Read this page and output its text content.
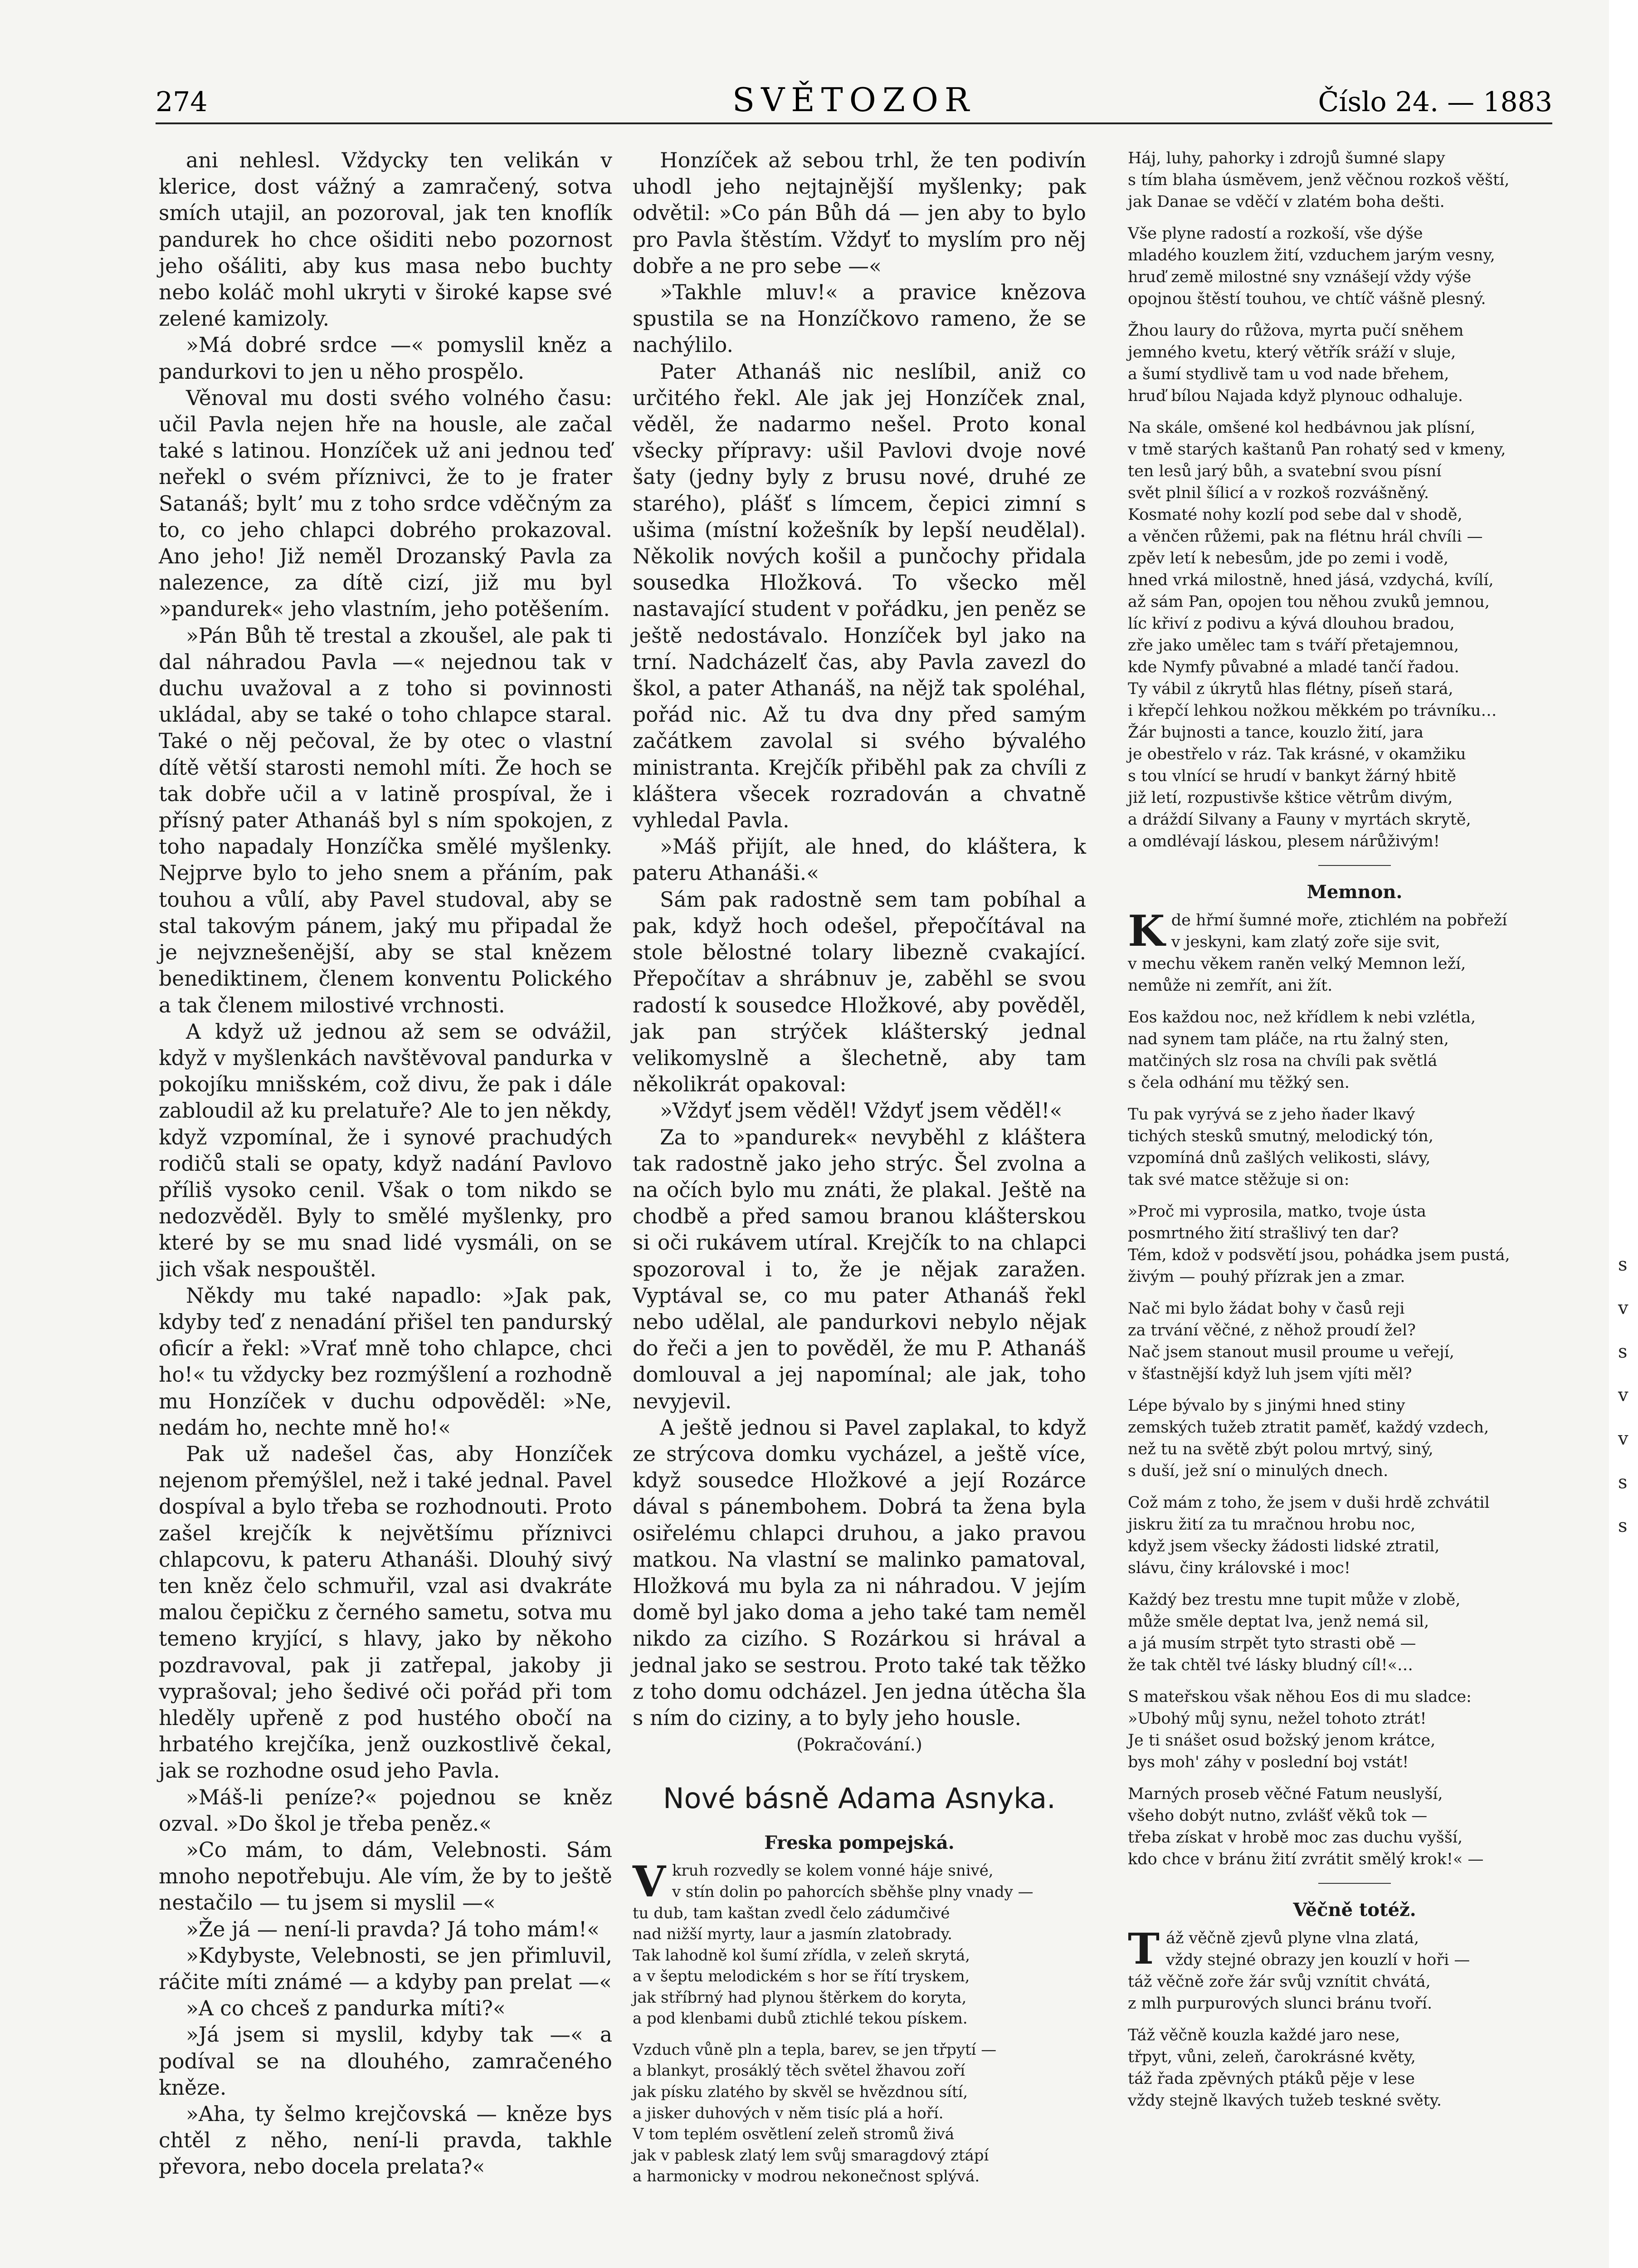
274	SVĚTOZOR	Číslo 24. — 1883

ani nehlesl. Vždycky ten velikán v klerice, dost vážný a zamračený, sotva smích utajil, an pozoroval, jak ten knoflík pandurek ho chce ošiditi nebo pozornost jeho ošáliti, aby kus masa nebo buchty nebo koláč mohl ukryti v široké kapse své zelené kamizoly.

»Má dobré srdce —« pomyslil kněz a pandurkovi to jen u něho prospělo.

Věnoval mu dosti svého volného času: učil Pavla nejen hře na housle, ale začal také s latinou. Honzíček už ani jednou teď neřekl o svém příznivci, že to je frater Satanáš; byltʼ mu z toho srdce vděčným za to, co jeho chlapci dobrého prokazoval. Ano jeho! Již neměl Drozanský Pavla za nalezence, za dítě cizí, již mu byl »pandurek« jeho vlastním, jeho potěšením.

»Pán Bůh tě trestal a zkoušel, ale pak ti dal náhradou Pavla —« nejednou tak v duchu uvažoval a z toho si povinnosti ukládal, aby se také o toho chlapce staral. Také o něj pečoval, že by otec o vlastní dítě větší starosti nemohl míti. Že hoch se tak dobře učil a v latině prospíval, že i přísný pater Athanáš byl s ním spokojen, z toho napadaly Honzíčka smělé myšlenky. Nejprve bylo to jeho snem a přáním, pak touhou a vůlí, aby Pavel studoval, aby se stal takovým pánem, jaký mu připadal že je nejvznešenější, aby se stal knězem benediktinem, členem konventu Polického a tak členem milostivé vrchnosti.

A když už jednou až sem se odvážil, když v myšlenkách navštěvoval pandurka v pokojíku mnišském, což divu, že pak i dále zabloudil až ku prelatuře? Ale to jen někdy, když vzpomínal, že i synové prachudých rodičů stali se opaty, když nadání Pavlovo příliš vysoko cenil. Však o tom nikdo se nedozvěděl. Byly to smělé myšlenky, pro které by se mu snad lidé vysmáli, on se jich však nespouštěl.

Někdy mu také napadlo: »Jak pak, kdyby teď z nenadání přišel ten pandurský oficír a řekl: »Vrať mně toho chlapce, chci ho!« tu vždycky bez rozmýšlení a rozhodně mu Honzíček v duchu odpověděl: »Ne, nedám ho, nechte mně ho!«

Pak už nadešel čas, aby Honzíček nejenom přemýšlel, než i také jednal. Pavel dospíval a bylo třeba se rozhodnouti. Proto zašel krejčík k největšímu příznivci chlapcovu, k pateru Athanáši. Dlouhý sivý ten kněz čelo schmuřil, vzal asi dvakráte malou čepičku z černého sametu, sotva mu temeno kryjící, s hlavy, jako by někoho pozdravoval, pak ji zatřepal, jakoby ji vyprašoval; jeho šedivé oči pořád při tom hleděly upřeně z pod hustého obočí na hrbatého krejčíka, jenž ouzkostlivě čekal, jak se rozhodne osud jeho Pavla.

»Máš-li peníze?« pojednou se kněz ozval. »Do škol je třeba peněz.«

»Co mám, to dám, Velebnosti. Sám mnoho nepotřebuju. Ale vím, že by to ještě nestačilo — tu jsem si myslil —«

»Že já — není-li pravda? Já toho mám!«

»Kdybyste, Velebnosti, se jen přimluvil, ráčite míti známé — a kdyby pan prelat —«

»A co chceš z pandurka míti?«

»Já jsem si myslil, kdyby tak —« a podíval se na dlouhého, zamračeného kněze.

»Aha, ty šelmo krejčovská — kněze bys chtěl z něho, není-li pravda, takhle převora, nebo docela prelata?«

Honzíček až sebou trhl, že ten podivín uhodl jeho nejtajnější myšlenky; pak odvětil: »Co pán Bůh dá — jen aby to bylo pro Pavla štěstím. Vždyť to myslím pro něj dobře a ne pro sebe —«

»Takhle mluv!« a pravice knězova spustila se na Honzíčkovo rameno, že se nachýlilo.

Pater Athanáš nic neslíbil, aniž co určitého řekl. Ale jak jej Honzíček znal, věděl, že nadarmo nešel. Proto konal všecky přípravy: ušil Pavlovi dvoje nové šaty (jedny byly z brusu nové, druhé ze starého), plášť s límcem, čepici zimní s ušima (místní kožešník by lepší neudělal). Několik nových košil a punčochy přidala sousedka Hložková. To všecko měl nastavající student v pořádku, jen peněz se ještě nedostávalo. Honzíček byl jako na trní. Nadcházelť čas, aby Pavla zavezl do škol, a pater Athanáš, na nějž tak spoléhal, pořád nic. Až tu dva dny před samým začátkem zavolal si svého bývalého ministranta. Krejčík přiběhl pak za chvíli z kláštera všecek rozradován a chvatně vyhledal Pavla.

»Máš přijít, ale hned, do kláštera, k pateru Athanáši.«

Sám pak radostně sem tam pobíhal a pak, když hoch odešel, přepočítával na stole bělostné tolary libezně cvakající. Přepočítav a shrábnuv je, zaběhl se svou radostí k sousedce Hložkové, aby pověděl, jak pan strýček klášterský jednal velikomyslně a šlechetně, aby tam několikrát opakoval:

»Vždyť jsem věděl! Vždyť jsem věděl!«

Za to »pandurek« nevyběhl z kláštera tak radostně jako jeho strýc. Šel zvolna a na očích bylo mu znáti, že plakal. Ještě na chodbě a před samou branou klášterskou si oči rukávem utíral. Krejčík to na chlapci spozoroval i to, že je nějak zaražen. Vyptával se, co mu pater Athanáš řekl nebo udělal, ale pandurkovi nebylo nějak do řeči a jen to pověděl, že mu P. Athanáš domlouval a jej napomínal; ale jak, toho nevyjevil.

A ještě jednou si Pavel zaplakal, to když ze strýcova domku vycházel, a ještě více, když sousedce Hložkové a její Rozárce dával s pánembohem. Dobrá ta žena byla osiřelému chlapci druhou, a jako pravou matkou. Na vlastní se malinko pamatoval, Hložková mu byla za ni náhradou. V jejím domě byl jako doma a jeho také tam neměl nikdo za cizího. S Rozárkou si hrával a jednal jako se sestrou. Proto také tak těžko z toho domu odcházel. Jen jedna útěcha šla s ním do ciziny, a to byly jeho housle.

(Pokračování.)

Nové básně Adama Asnyka.
Freska pompejská.
Vkruh rozvedly se kolem vonné háje snivé,
v stín dolin po pahorcích sběhše plny vnady —
tu dub, tam kaštan zvedl čelo zádumčivé
nad nižší myrty, laur a jasmín zlatobrady.
Tak lahodně kol šumí zřídla, v zeleň skrytá,
a v šeptu melodickém s hor se řítí tryskem,
jak stříbrný had plynou štěrkem do koryta,
a pod klenbami dubů ztichlé tekou pískem.
Vzduch vůně pln a tepla, barev, se jen třpytí —
a blankyt, prosáklý těch světel žhavou zoří
jak písku zlatého by skvěl se hvězdnou sítí,
a jisker duhových v něm tisíc plá a hoří.
V tom teplém osvětlení zeleň stromů živá
jak v pablesk zlatý lem svůj smaragdový ztápí
a harmonicky v modrou nekonečnost splývá.
Háj, luhy, pahorky i zdrojů šumné slapy
s tím blaha úsměvem, jenž věčnou rozkoš věští,
jak Danae se vděčí v zlatém boha dešti.
Vše plyne radostí a rozkoší, vše dýše
mladého kouzlem žití, vzduchem jarým vesny,
hruď země milostné sny vznášejí vždy výše
opojnou štěstí touhou, ve chtíč vášně plesný.
Žhou laury do růžova, myrta pučí sněhem
jemného kvetu, který větřík sráží v sluje,
a šumí stydlivě tam u vod nade břehem,
hruď bílou Najada když plynouc odhaluje.
Na skále, omšené kol hedbávnou jak plísní,
v tmě starých kaštanů Pan rohatý sed v kmeny,
ten lesů jarý bůh, a svatební svou písní
svět plnil šílicí a v rozkoš rozvášněný.
Kosmaté nohy kozlí pod sebe dal v shodě,
a věnčen růžemi, pak na flétnu hrál chvíli —
zpěv letí k nebesům, jde po zemi i vodě,
hned vrká milostně, hned jásá, vzdychá, kvílí,
až sám Pan, opojen tou něhou zvuků jemnou,
líc křiví z podivu a kývá dlouhou bradou,
zře jako umělec tam s tváří přetajemnou,
kde Nymfy půvabné a mladé tančí řadou.
Ty vábil z úkrytů hlas flétny, píseň stará,
i křepčí lehkou nožkou měkkém po trávníku…
Žár bujnosti a tance, kouzlo žití, jara
je obestřelo v ráz. Tak krásné, v okamžiku
s tou vlnící se hrudí v bankyt žárný hbitě
již letí, rozpustivše kštice větrům divým,
a dráždí Silvany a Fauny v myrtách skrytě,
a omdlévají láskou, plesem nárůživým!
Memnon.
Kde hřmí šumné moře, ztichlém na pobřeží
v jeskyni, kam zlatý zoře sije svit,
v mechu věkem raněn velký Memnon leží,
nemůže ni zemřít, ani žít.
Eos každou noc, než křídlem k nebi vzlétla,
nad synem tam pláče, na rtu žalný sten,
matčiných slz rosa na chvíli pak světlá
s čela odhání mu těžký sen.
Tu pak vyrývá se z jeho ňader lkavý
tichých stesků smutný, melodický tón,
vzpomíná dnů zašlých velikosti, slávy,
tak své matce stěžuje si on:
»Proč mi vyprosila, matko, tvoje ústa
posmrtného žití strašlivý ten dar?
Tém, kdož v podsvětí jsou, pohádka jsem pustá,
živým — pouhý přízrak jen a zmar.
Nač mi bylo žádat bohy v časů reji
za trvání věčné, z něhož proudí žel?
Nač jsem stanout musil proume u veřejí,
v šťastnější když luh jsem vjíti měl?
Lépe bývalo by s jinými hned stiny
zemských tužeb ztratit paměť, každý vzdech,
než tu na světě zbýt polou mrtvý, siný,
s duší, jež sní o minulých dnech.
Což mám z toho, že jsem v duši hrdě zchvátil
jiskru žití za tu mračnou hrobu noc,
když jsem všecky žádosti lidské ztratil,
slávu, činy královské i moc!
Každý bez trestu mne tupit může v zlobě,
může směle deptat lva, jenž nemá sil,
a já musím strpět tyto strasti obě —
že tak chtěl tvé lásky bludný cíl!«…
S mateřskou však něhou Eos di mu sladce:
»Ubohý můj synu, nežel tohoto ztrát!
Je ti snášet osud božský jenom krátce,
bys moh' záhy v poslední boj vstát!
Marných proseb věčné Fatum neuslyší,
všeho dobýt nutno, zvlášť věků tok —
třeba získat v hrobě moc zas duchu vyšší,
kdo chce v bránu žití zvrátit smělý krok!« —
Věčně totéž.
Táž věčně zjevů plyne vlna zlatá,
vždy stejné obrazy jen kouzlí v hoři —
táž věčně zoře žár svůj vznítit chvátá,
z mlh purpurových slunci bránu tvoří.
Táž věčně kouzla každé jaro nese,
třpyt, vůni, zeleň, čarokrásné květy,
táž řada zpěvných ptáků pěje v lese
vždy stejně lkavých tužeb teskné světy.
s
v
s
v
v
s
s
